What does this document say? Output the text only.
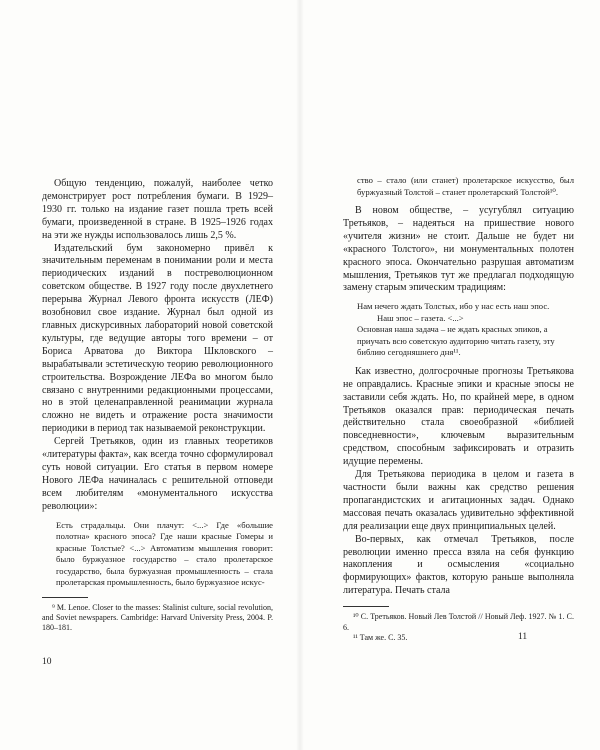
Общую тенденцию, пожалуй, наиболее четко демонстрирует рост потребления бумаги. В 1929–1930 гг. только на издание газет пошла треть всей бумаги, произведенной в стране. В 1925–1926 годах на эти же нужды использовалось лишь 2,5 %.

Издательский бум закономерно привёл к значительным переменам в понимании роли и места периодических изданий в постреволюционном советском обществе. В 1927 году после двухлетнего перерыва Журнал Левого фронта искусств (ЛЕФ) возобновил свое издание. Журнал был одной из главных дискурсивных лабораторий новой советской культуры, где ведущие авторы того времени – от Бориса Арватова до Виктора Шкловского – вырабатывали эстетическую теорию революционного строительства. Возрождение ЛЕФа во многом было связано с внутренними редакционными процессами, но в этой целенаправленной реанимации журнала сложно не видеть и отражение роста значимости периодики в период так называемой реконструкции.

Сергей Третьяков, один из главных теоретиков «литературы факта», как всегда точно сформулировал суть новой ситуации. Его статья в первом номере Нового ЛЕФа начиналась с решительной отповеди всем любителям «монументального искусства революции»:

Есть страдальцы. Они плачут: <...> Где «большие полотна» красного эпоса? Где наши красные Гомеры и красные Толстые? <...> Автоматизм мышления говорит: было буржуазное государство – стало пролетарское государство, была буржуазная промышленность – стала пролетарская промышленность, было буржуазное искус-

⁹ M. Lenoe. Closer to the masses: Stalinist culture, social revolution, and Soviet newspapers. Cambridge: Harvard University Press, 2004. P. 180–181.

10

ство – стало (или станет) пролетарское искусство, был буржуазный Толстой – станет пролетарский Толстой¹⁰.

В новом обществе, – усугублял ситуацию Третьяков, – надеяться на пришествие нового «учителя жизни» не стоит. Дальше не будет ни «красного Толстого», ни монументальных полотен красного эпоса. Окончательно разрушая автоматизм мышления, Третьяков тут же предлагал подходящую замену старым эпическим традициям:

Нам нечего ждать Толстых, ибо у нас есть наш эпос.
Наш эпос – газета. <...>
Основная наша задача – не ждать красных эпиков, а приучать всю советскую аудиторию читать газету, эту библию сегодняшнего дня¹¹.

Как известно, долгосрочные прогнозы Третьякова не оправдались. Красные эпики и красные эпосы не заставили себя ждать. Но, по крайней мере, в одном Третьяков оказался прав: периодическая печать действительно стала своеобразной «библией повседневности», ключевым выразительным средством, способным зафиксировать и отразить идущие перемены.

Для Третьякова периодика в целом и газета в частности были важны как средство решения пропагандистских и агитационных задач. Однако массовая печать оказалась удивительно эффективной для реализации еще двух принципиальных целей.

Во-первых, как отмечал Третьяков, после революции именно пресса взяла на себя функцию накопления и осмысления «социально формирующих» фактов, которую раньше выполняла литература. Печать стала

¹⁰ С. Третьяков. Новый Лев Толстой // Новый Леф. 1927. № 1. С. 6.

¹¹ Там же. С. 35.	11
